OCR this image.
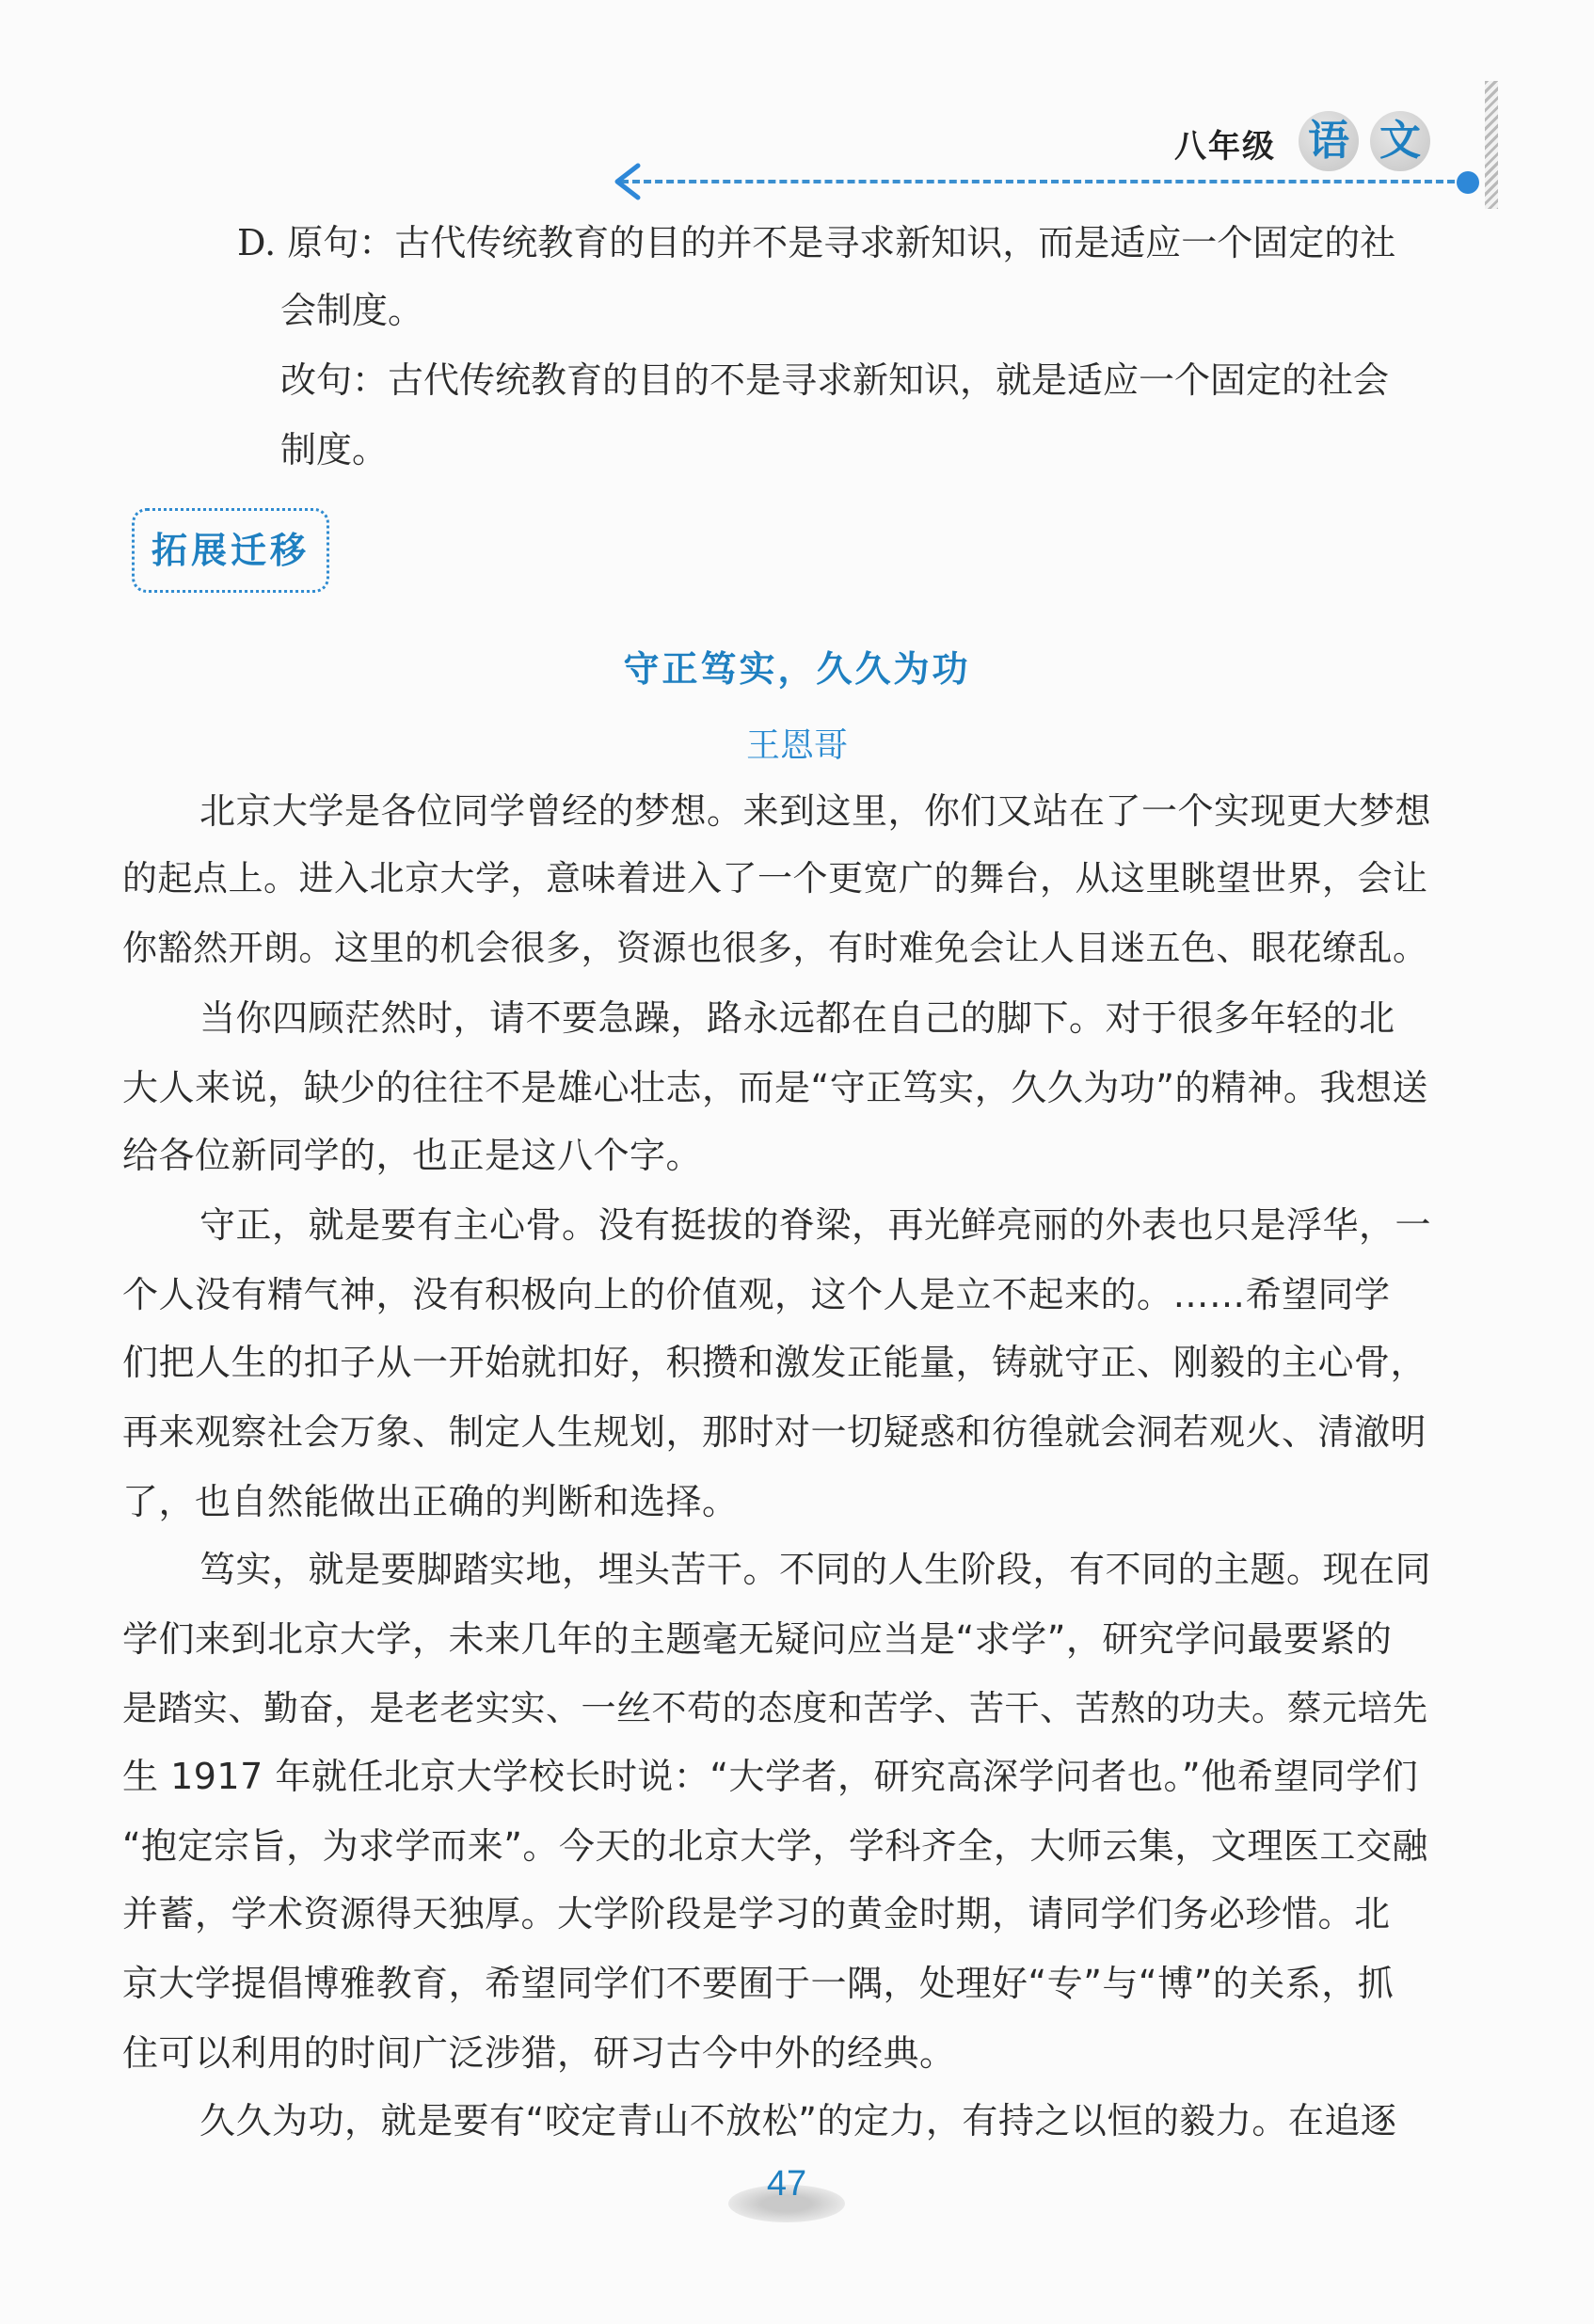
八年级 语 文
D. 原句：古代传统教育的目的并不是寻求新知识，而是适应一个固定的社
会制度。
改句：古代传统教育的目的不是寻求新知识，就是适应一个固定的社会
制度。
拓展迁移
守正笃实，久久为功
王恩哥
北京大学是各位同学曾经的梦想。来到这里，你们又站在了一个实现更大梦想
的起点上。进入北京大学，意味着进入了一个更宽广的舞台，从这里眺望世界，会让
你豁然开朗。这里的机会很多，资源也很多，有时难免会让人目迷五色、眼花缭乱。
当你四顾茫然时，请不要急躁，路永远都在自己的脚下。对于很多年轻的北
大人来说，缺少的往往不是雄心壮志，而是“守正笃实，久久为功”的精神。我想送
给各位新同学的，也正是这八个字。
守正，就是要有主心骨。没有挺拔的脊梁，再光鲜亮丽的外表也只是浮华，一
个人没有精气神，没有积极向上的价值观，这个人是立不起来的。……希望同学
们把人生的扣子从一开始就扣好，积攒和激发正能量，铸就守正、刚毅的主心骨，
再来观察社会万象、制定人生规划，那时对一切疑惑和彷徨就会洞若观火、清澈明
了，也自然能做出正确的判断和选择。
笃实，就是要脚踏实地，埋头苦干。不同的人生阶段，有不同的主题。现在同
学们来到北京大学，未来几年的主题毫无疑问应当是“求学”，研究学问最要紧的
是踏实、勤奋，是老老实实、一丝不苟的态度和苦学、苦干、苦熬的功夫。蔡元培先
生 1917 年就任北京大学校长时说：“大学者，研究高深学问者也。”他希望同学们
“抱定宗旨，为求学而来”。今天的北京大学，学科齐全，大师云集，文理医工交融
并蓄，学术资源得天独厚。大学阶段是学习的黄金时期，请同学们务必珍惜。北
京大学提倡博雅教育，希望同学们不要囿于一隅，处理好“专”与“博”的关系，抓
住可以利用的时间广泛涉猎，研习古今中外的经典。
久久为功，就是要有“咬定青山不放松”的定力，有持之以恒的毅力。在追逐
47
